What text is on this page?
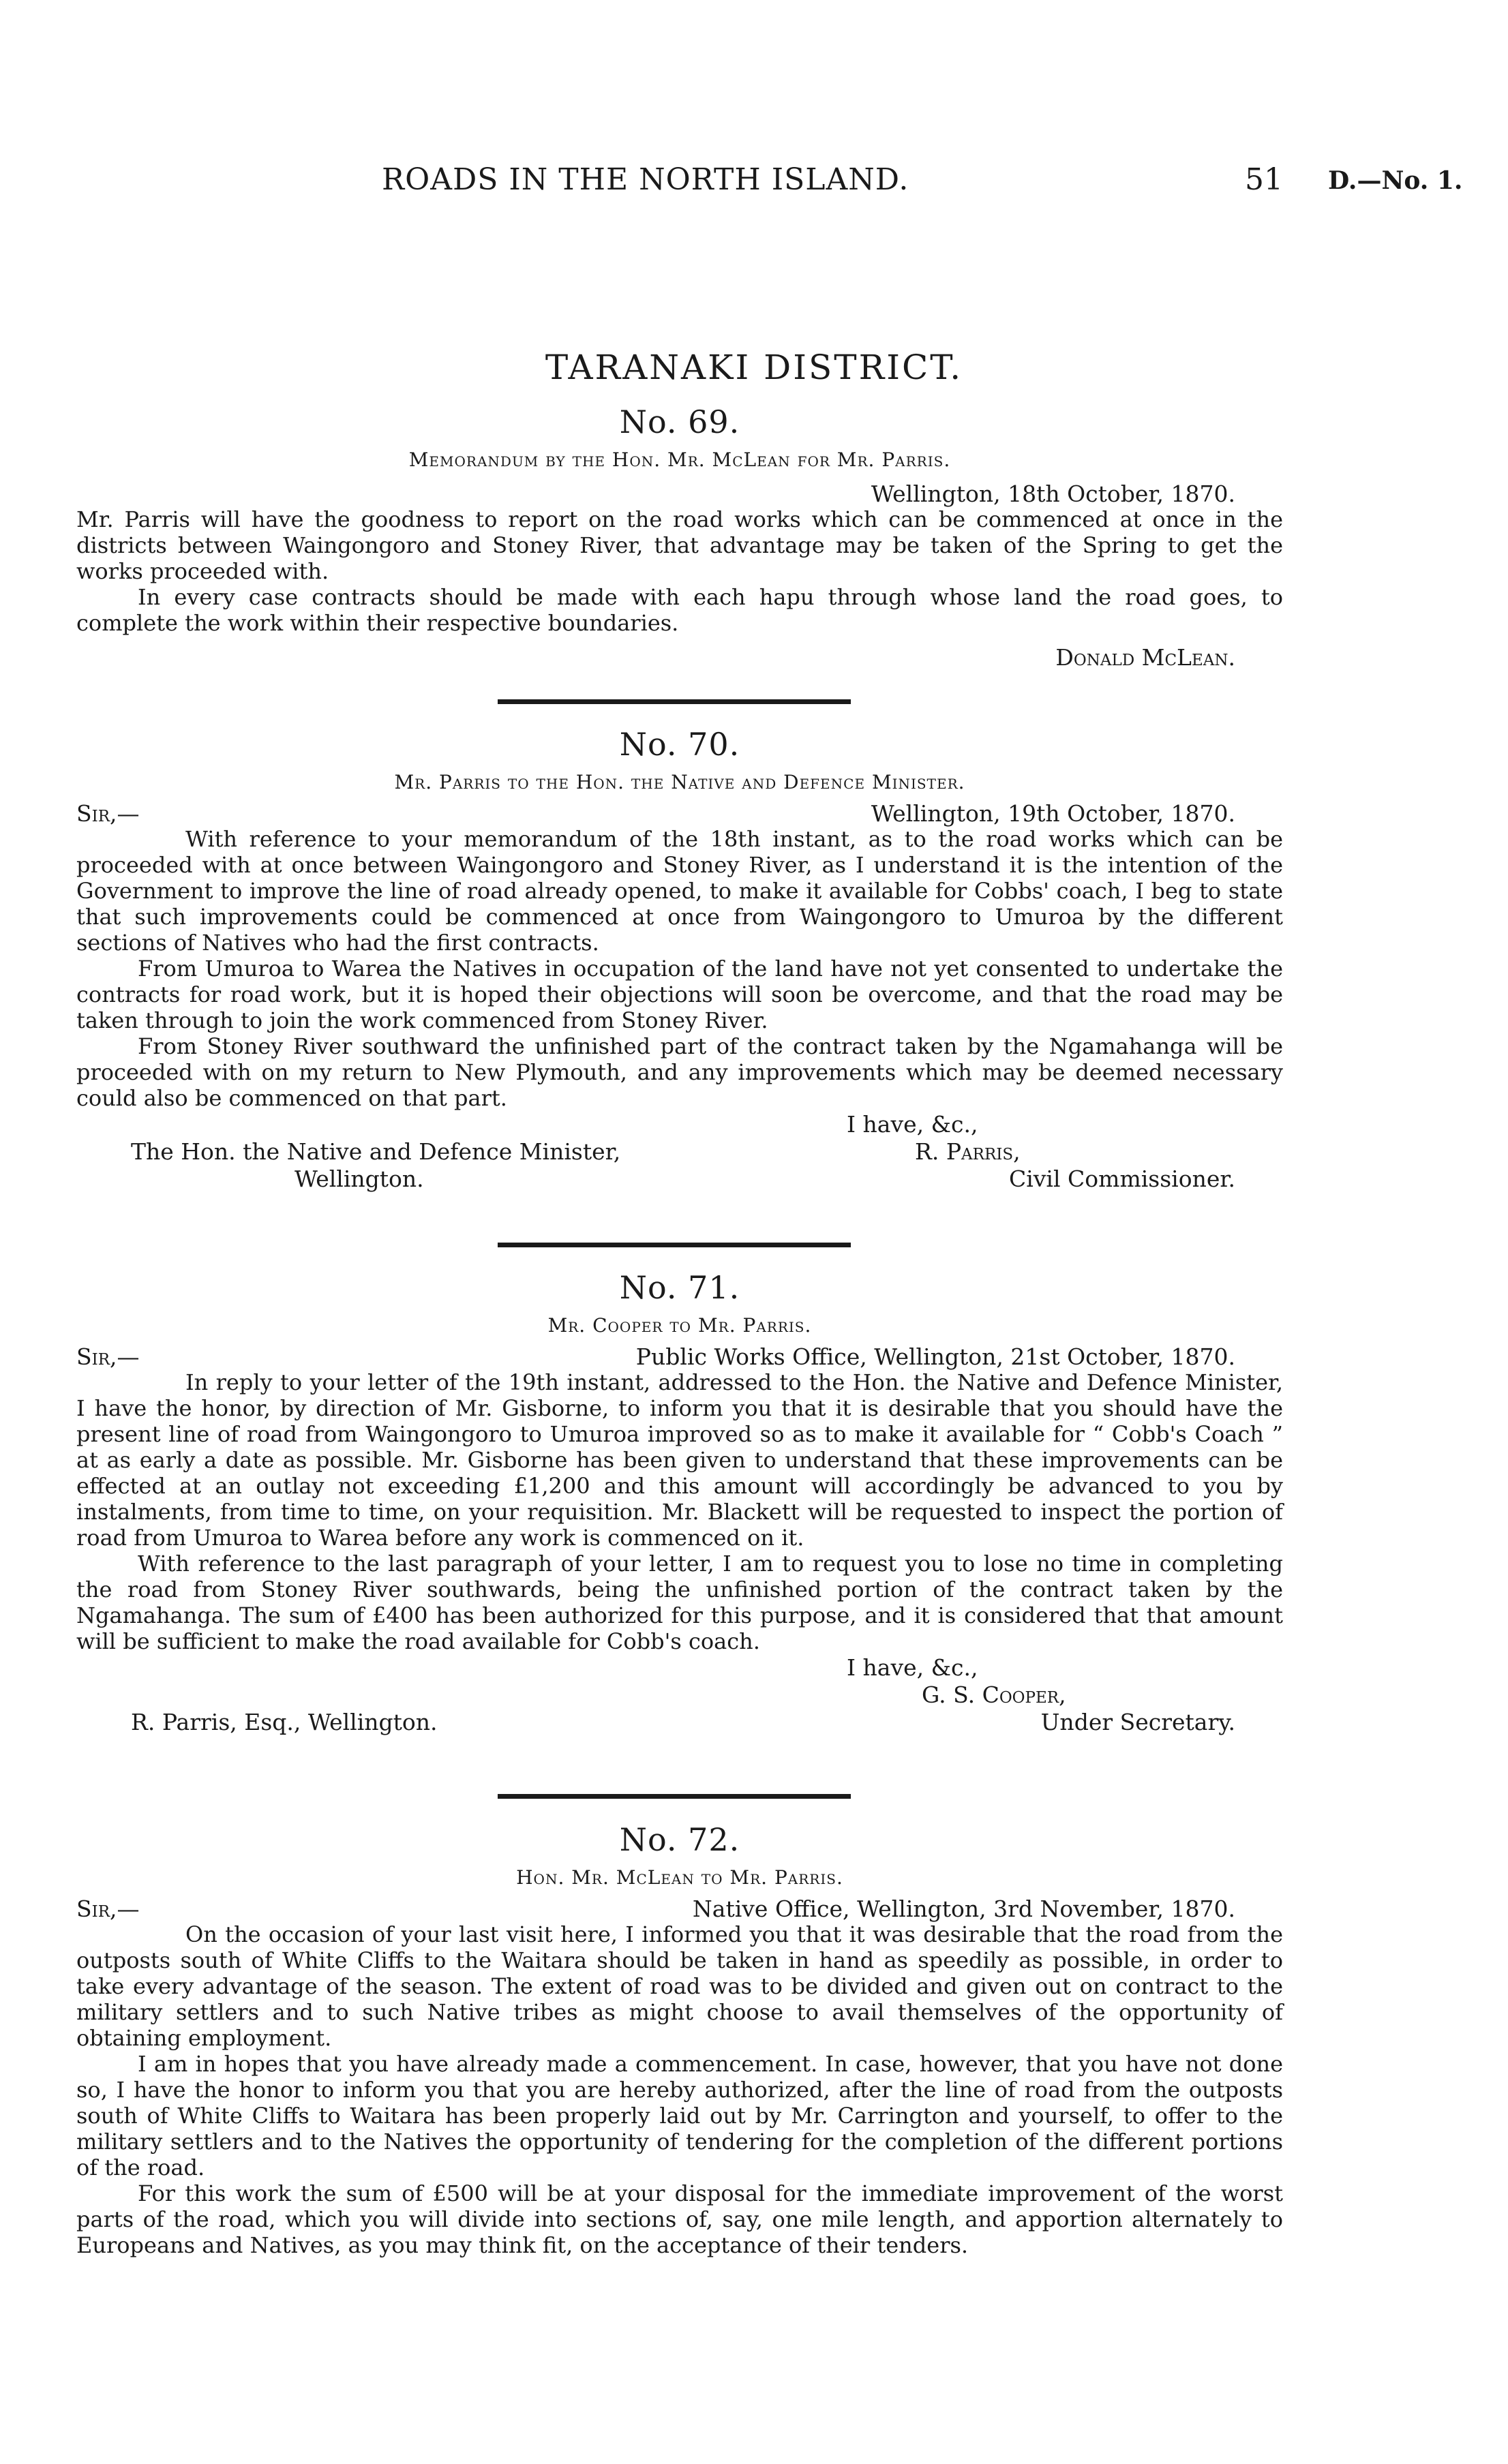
ROADS IN THE NORTH ISLAND.	51 D.—No. 1.
TARANAKI DISTRICT.
No. 69.
Memorandum by the Hon. Mr. McLean for Mr. Parris.
Wellington, 18th October, 1870.

Mr. Parris will have the goodness to report on the road works which can be commenced at once in the districts between Waingongoro and Stoney River, that advantage may be taken of the Spring to get the works proceeded with.

In every case contracts should be made with each hapu through whose land the road goes, to complete the work within their respective boundaries.

Donald McLean.
No. 70.
Mr. Parris to the Hon. the Native and Defence Minister.
Sir,—	Wellington, 19th October, 1870.

With reference to your memorandum of the 18th instant, as to the road works which can be proceeded with at once between Waingongoro and Stoney River, as I understand it is the intention of the Government to improve the line of road already opened, to make it available for Cobbs' coach, I beg to state that such improvements could be commenced at once from Waingongoro to Umuroa by the different sections of Natives who had the first contracts.

From Umuroa to Warea the Natives in occupation of the land have not yet consented to undertake the contracts for road work, but it is hoped their objections will soon be overcome, and that the road may be taken through to join the work commenced from Stoney River.

From Stoney River southward the unfinished part of the contract taken by the Ngamahanga will be proceeded with on my return to New Plymouth, and any improvements which may be deemed necessary could also be commenced on that part.

I have, &c.,
The Hon. the Native and Defence Minister,	R. Parris,
Wellington.	Civil Commissioner.
No. 71.
Mr. Cooper to Mr. Parris.
Sir,—	Public Works Office, Wellington, 21st October, 1870.

In reply to your letter of the 19th instant, addressed to the Hon. the Native and Defence Minister, I have the honor, by direction of Mr. Gisborne, to inform you that it is desirable that you should have the present line of road from Waingongoro to Umuroa improved so as to make it available for “ Cobb's Coach ” at as early a date as possible. Mr. Gisborne has been given to understand that these improvements can be effected at an outlay not exceeding £1,200 and this amount will accordingly be advanced to you by instalments, from time to time, on your requisition. Mr. Blackett will be requested to inspect the portion of road from Umuroa to Warea before any work is commenced on it.

With reference to the last paragraph of your letter, I am to request you to lose no time in completing the road from Stoney River southwards, being the unfinished portion of the contract taken by the Ngamahanga. The sum of £400 has been authorized for this purpose, and it is considered that that amount will be sufficient to make the road available for Cobb's coach.

I have, &c.,
G. S. Cooper,
R. Parris, Esq., Wellington.	Under Secretary.
No. 72.
Hon. Mr. McLean to Mr. Parris.
Sir,—	Native Office, Wellington, 3rd November, 1870.

On the occasion of your last visit here, I informed you that it was desirable that the road from the outposts south of White Cliffs to the Waitara should be taken in hand as speedily as possible, in order to take every advantage of the season. The extent of road was to be divided and given out on contract to the military settlers and to such Native tribes as might choose to avail themselves of the opportunity of obtaining employment.

I am in hopes that you have already made a commencement. In case, however, that you have not done so, I have the honor to inform you that you are hereby authorized, after the line of road from the outposts south of White Cliffs to Waitara has been properly laid out by Mr. Carrington and yourself, to offer to the military settlers and to the Natives the opportunity of tendering for the completion of the different portions of the road.

For this work the sum of £500 will be at your disposal for the immediate improvement of the worst parts of the road, which you will divide into sections of, say, one mile length, and apportion alternately to Europeans and Natives, as you may think fit, on the acceptance of their tenders.
